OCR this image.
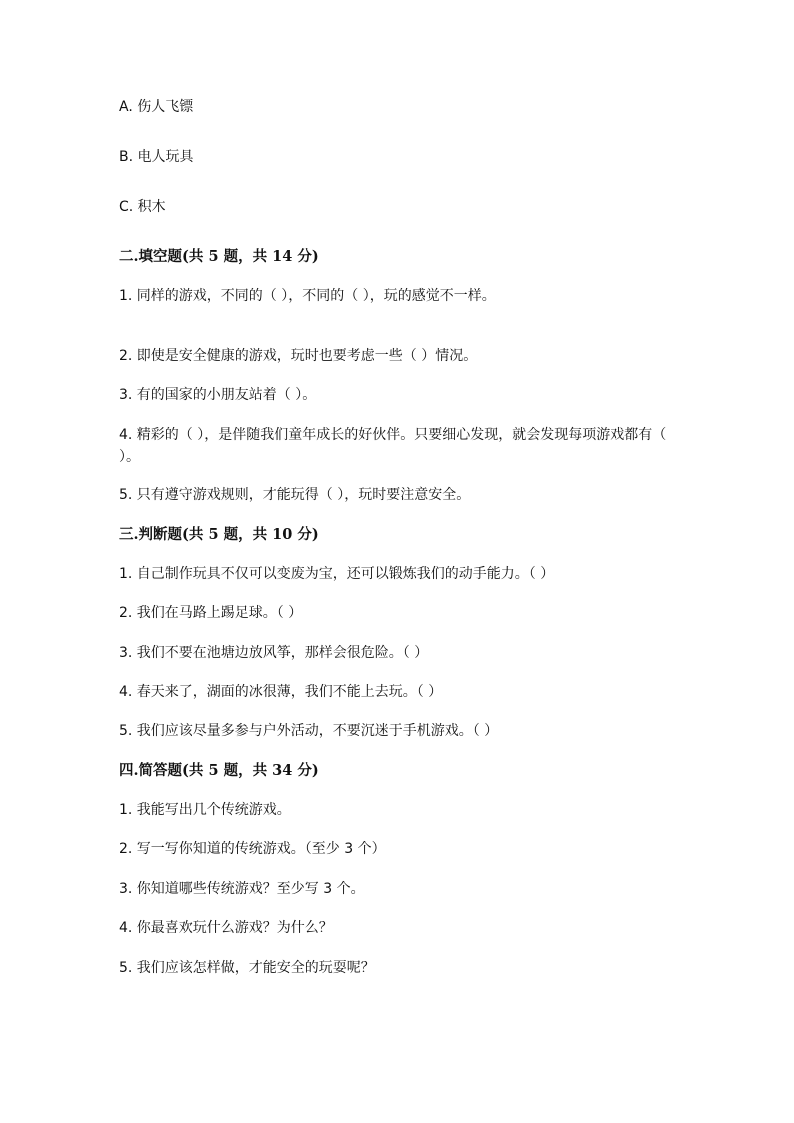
A. 伤人飞镖
B. 电人玩具
C. 积木
二.填空题(共 5 题，共 14 分)
1. 同样的游戏，不同的（ ），不同的（ ），玩的感觉不一样。
2. 即使是安全健康的游戏，玩时也要考虑一些（ ）情况。
3. 有的国家的小朋友站着（ ）。
4. 精彩的（ ），是伴随我们童年成长的好伙伴。只要细心发现，就会发现每项游戏都有（ ）。
5. 只有遵守游戏规则，才能玩得（ ），玩时要注意安全。
三.判断题(共 5 题，共 10 分)
1. 自己制作玩具不仅可以变废为宝，还可以锻炼我们的动手能力。（ ）
2. 我们在马路上踢足球。（ ）
3. 我们不要在池塘边放风筝，那样会很危险。（ ）
4. 春天来了，湖面的冰很薄，我们不能上去玩。（ ）
5. 我们应该尽量多参与户外活动，不要沉迷于手机游戏。（ ）
四.简答题(共 5 题，共 34 分)
1. 我能写出几个传统游戏。
2. 写一写你知道的传统游戏。（至少 3 个）
3. 你知道哪些传统游戏？至少写 3 个。
4. 你最喜欢玩什么游戏？为什么？
5. 我们应该怎样做，才能安全的玩耍呢？
